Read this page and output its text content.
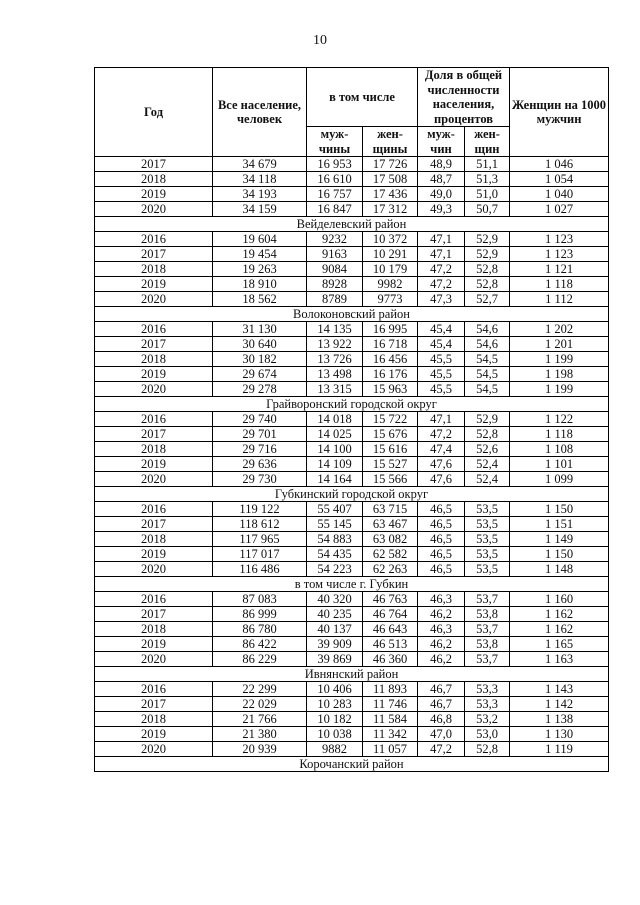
10
Год	Все население, человек	в том числе		Доля в общей численности населения, процентов		Женщин на 1000 мужчин
		муж-чины	жен-щины	муж-чин	жен-щин	
2017	34 679	16 953	17 726	48,9	51,1	1 046
2018	34 118	16 610	17 508	48,7	51,3	1 054
2019	34 193	16 757	17 436	49,0	51,0	1 040
2020	34 159	16 847	17 312	49,3	50,7	1 027
Вейделевский район						
2016	19 604	9232	10 372	47,1	52,9	1 123
2017	19 454	9163	10 291	47,1	52,9	1 123
2018	19 263	9084	10 179	47,2	52,8	1 121
2019	18 910	8928	9982	47,2	52,8	1 118
2020	18 562	8789	9773	47,3	52,7	1 112
Волоконовский район						
2016	31 130	14 135	16 995	45,4	54,6	1 202
2017	30 640	13 922	16 718	45,4	54,6	1 201
2018	30 182	13 726	16 456	45,5	54,5	1 199
2019	29 674	13 498	16 176	45,5	54,5	1 198
2020	29 278	13 315	15 963	45,5	54,5	1 199
Грайворонский городской округ						
2016	29 740	14 018	15 722	47,1	52,9	1 122
2017	29 701	14 025	15 676	47,2	52,8	1 118
2018	29 716	14 100	15 616	47,4	52,6	1 108
2019	29 636	14 109	15 527	47,6	52,4	1 101
2020	29 730	14 164	15 566	47,6	52,4	1 099
Губкинский городской округ						
2016	119 122	55 407	63 715	46,5	53,5	1 150
2017	118 612	55 145	63 467	46,5	53,5	1 151
2018	117 965	54 883	63 082	46,5	53,5	1 149
2019	117 017	54 435	62 582	46,5	53,5	1 150
2020	116 486	54 223	62 263	46,5	53,5	1 148
в том числе г. Губкин						
2016	87 083	40 320	46 763	46,3	53,7	1 160
2017	86 999	40 235	46 764	46,2	53,8	1 162
2018	86 780	40 137	46 643	46,3	53,7	1 162
2019	86 422	39 909	46 513	46,2	53,8	1 165
2020	86 229	39 869	46 360	46,2	53,7	1 163
Ивнянский район						
2016	22 299	10 406	11 893	46,7	53,3	1 143
2017	22 029	10 283	11 746	46,7	53,3	1 142
2018	21 766	10 182	11 584	46,8	53,2	1 138
2019	21 380	10 038	11 342	47,0	53,0	1 130
2020	20 939	9882	11 057	47,2	52,8	1 119
Корочанский район						
